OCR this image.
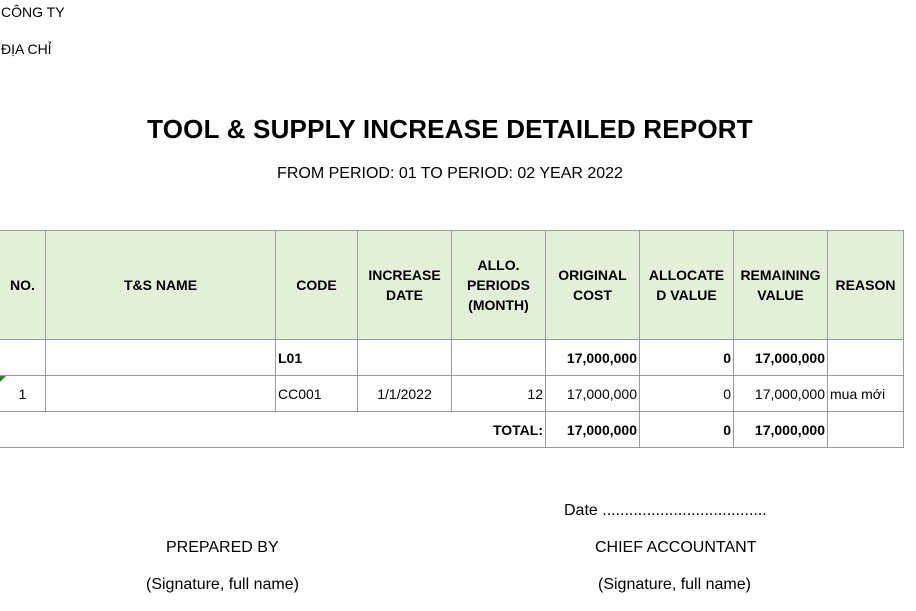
CÔNG TY
ĐỊA CHỈ
TOOL & SUPPLY INCREASE DETAILED REPORT
FROM PERIOD: 01 TO PERIOD: 02 YEAR 2022
NO.	T&S NAME	CODE	INCREASE DATE	ALLO. PERIODS (MONTH)	ORIGINAL COST	ALLOCATE D VALUE	REMAINING VALUE	REASON
		L01			17,000,000	0	17,000,000	
1		CC001	1/1/2022	12	17,000,000	0	17,000,000	mua mới
TOTAL:					17,000,000	0	17,000,000	
Date .....................................
PREPARED BY	CHIEF ACCOUNTANT
(Signature, full name)	(Signature, full name)
